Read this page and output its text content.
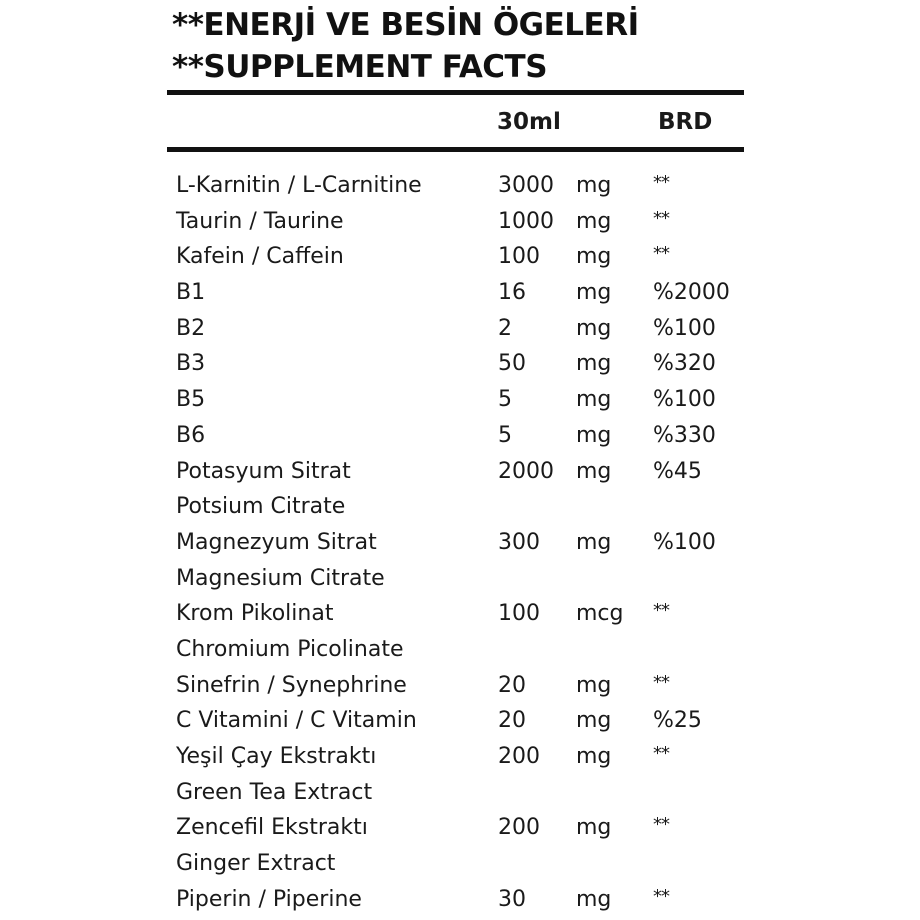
**ENERJİ VE BESİN ÖGELERİ
**SUPPLEMENT FACTS
30ml	BRD
L-Karnitin / L-Carnitine	3000 mg **
Taurin / Taurine	1000 mg **
Kafein / Caffein	100 mg **
B1	16 mg %2000
B2	2	mg %100
B3	50 mg %320
B5	5	mg %100
B6	5	mg %330
Potasyum Sitrat	2000 mg %45
Potsium Citrate
Magnezyum Sitrat	300 mg %100
Magnesium Citrate
Krom Pikolinat	100 mcg **
Chromium Picolinate
Sinefrin / Synephrine	20 mg **
C Vitamini / C Vitamin	20 mg %25
Yeşil Çay Ekstraktı	200 mg **
Green Tea Extract
Zencefil Ekstraktı	200 mg **
Ginger Extract
Piperin / Piperine	30 mg **
